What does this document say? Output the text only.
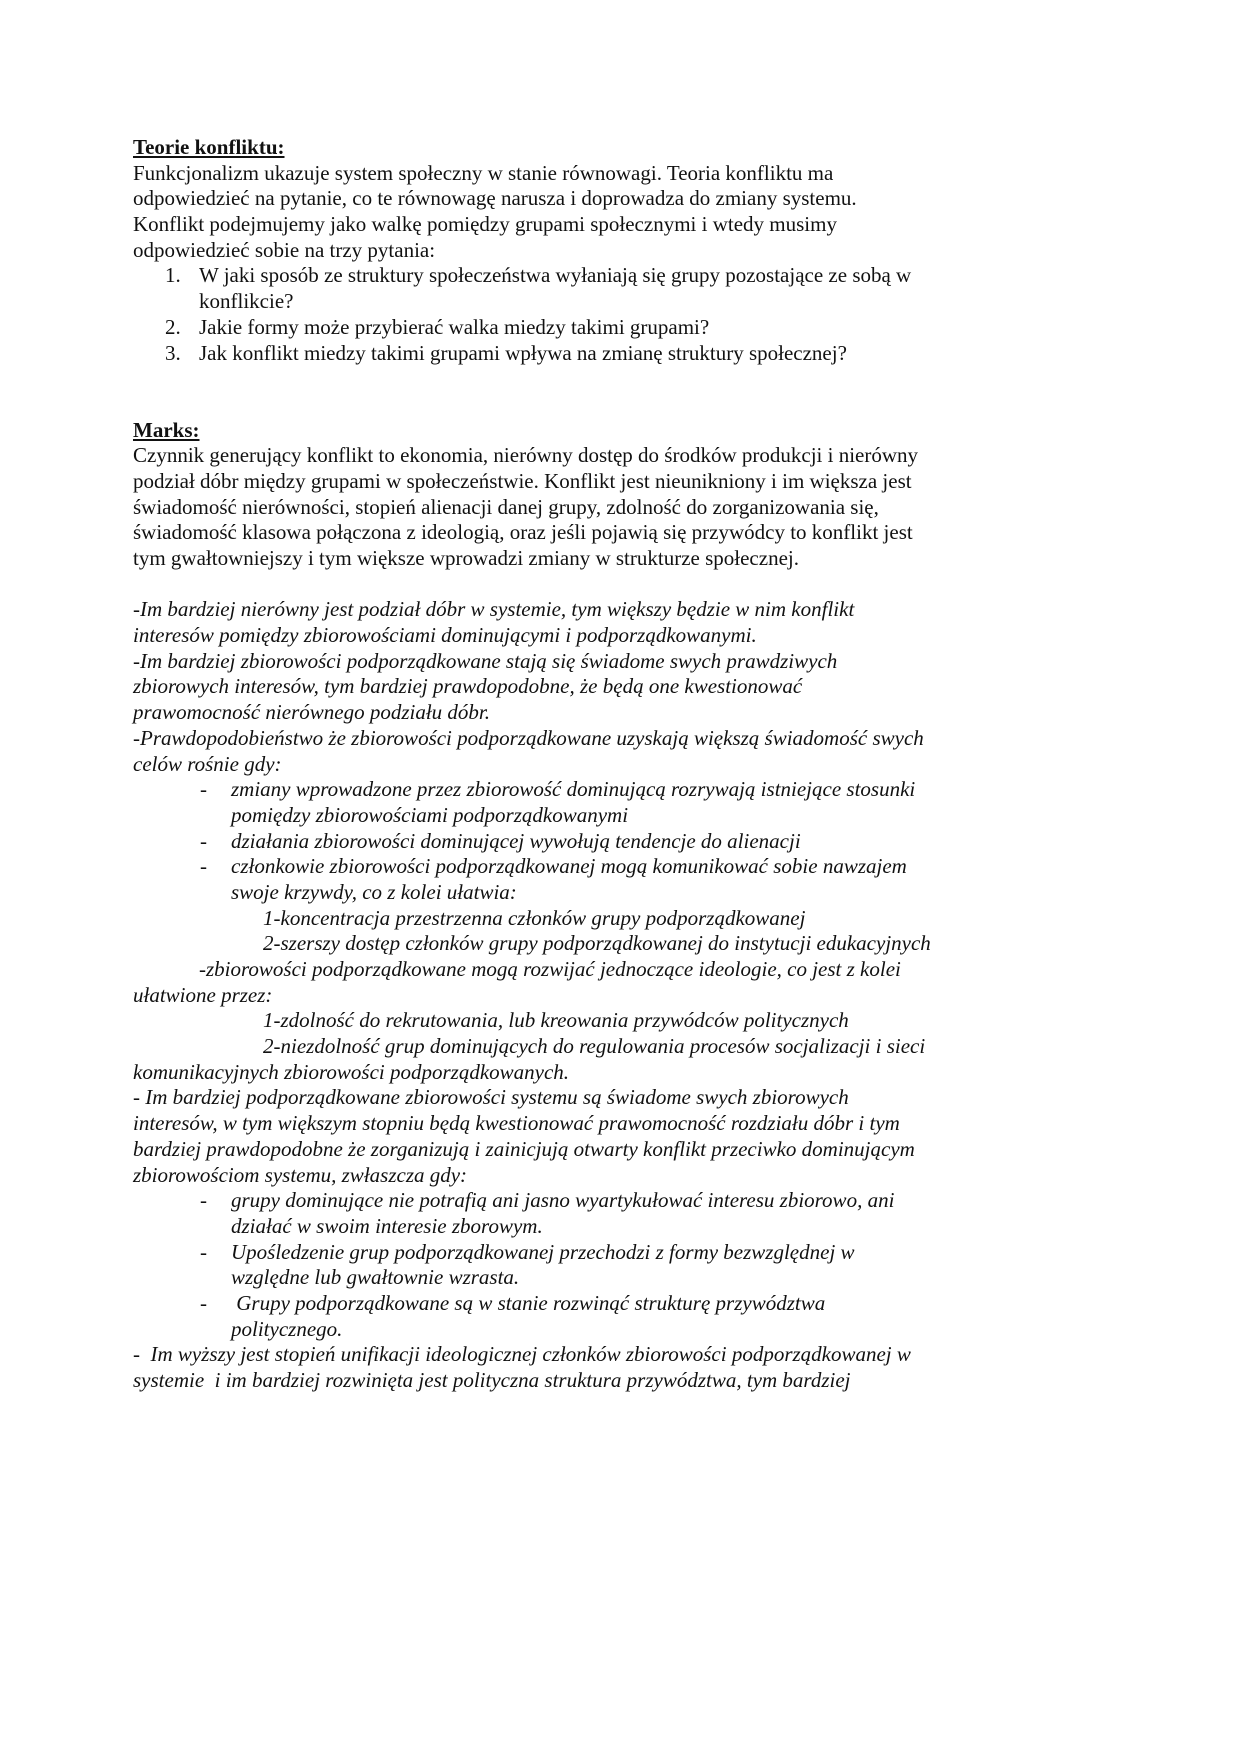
Teorie konfliktu:
Funkcjonalizm ukazuje system społeczny w stanie równowagi. Teoria konfliktu ma
odpowiedzieć na pytanie, co te równowagę narusza i doprowadza do zmiany systemu.
Konflikt podejmujemy jako walkę pomiędzy grupami społecznymi i wtedy musimy
odpowiedzieć sobie na trzy pytania:
1. W jaki sposób ze struktury społeczeństwa wyłaniają się grupy pozostające ze sobą w
konflikcie?
2. Jakie formy może przybierać walka miedzy takimi grupami?
3. Jak konflikt miedzy takimi grupami wpływa na zmianę struktury społecznej?
Marks:
Czynnik generujący konflikt to ekonomia, nierówny dostęp do środków produkcji i nierówny
podział dóbr między grupami w społeczeństwie. Konflikt jest nieuniknіony i im większa jest
świadomość nierówności, stopień alienacji danej grupy, zdolność do zorganizowania się,
świadomość klasowa połączona z ideologią, oraz jeśli pojawią się przywódcy to konflikt jest
tym gwałtowniejszy i tym większe wprowadzi zmiany w strukturze społecznej.
-Im bardziej nierówny jest podział dóbr w systemie, tym większy będzie w nim konflikt
interesów pomiędzy zbiorowościami dominującymi i podporządkowanymi.
-Im bardziej zbiorowości podporządkowane stają się świadome swych prawdziwych
zbiorowych interesów, tym bardziej prawdopodobne, że będą one kwestionować
prawomocność nierównego podziału dóbr.
-Prawdopodobieństwo że zbiorowości podporządkowane uzyskają większą świadomość swych
celów rośnie gdy:
- zmiany wprowadzone przez zbiorowość dominującą rozrywają istniejące stosunki
pomiędzy zbiorowościami podporządkowanymi
- działania zbiorowości dominującej wywołują tendencje do alienacji
- członkowie zbiorowości podporządkowanej mogą komunikować sobie nawzajem
swoje krzywdy, co z kolei ułatwia:
1-koncentracja przestrzenna członków grupy podporządkowanej
2-szerszy dostęp członków grupy podporządkowanej do instytucji edukacyjnych
-zbiorowości podporządkowane mogą rozwijać jednoczące ideologie, co jest z kolei
ułatwione przez:
1-zdolność do rekrutowania, lub kreowania przywódców politycznych
2-niezdolność grup dominujących do regulowania procesów socjalizacji i sieci
komunikacyjnych zbiorowości podporządkowanych.
- Im bardziej podporządkowane zbiorowości systemu są świadome swych zbiorowych
interesów, w tym większym stopniu będą kwestionować prawomocność rozdziału dóbr i tym
bardziej prawdopodobne że zorganizują i zainicjują otwarty konflikt przeciwko dominującym
zbiorowościom systemu, zwłaszcza gdy:
- grupy dominujące nie potrafią ani jasno wyartykułować interesu zbiorowo, ani
działać w swoim interesie zborowym.
- Upośledzenie grup podporządkowanej przechodzi z formy bezwzględnej w
względne lub gwałtownie wzrasta.
- Grupy podporządkowane są w stanie rozwinąć strukturę przywództwa
politycznego.
-  Im wyższy jest stopień unifikacji ideologicznej członków zbiorowości podporządkowanej w
systemie  i im bardziej rozwinięta jest polityczna struktura przywództwa, tym bardziej
